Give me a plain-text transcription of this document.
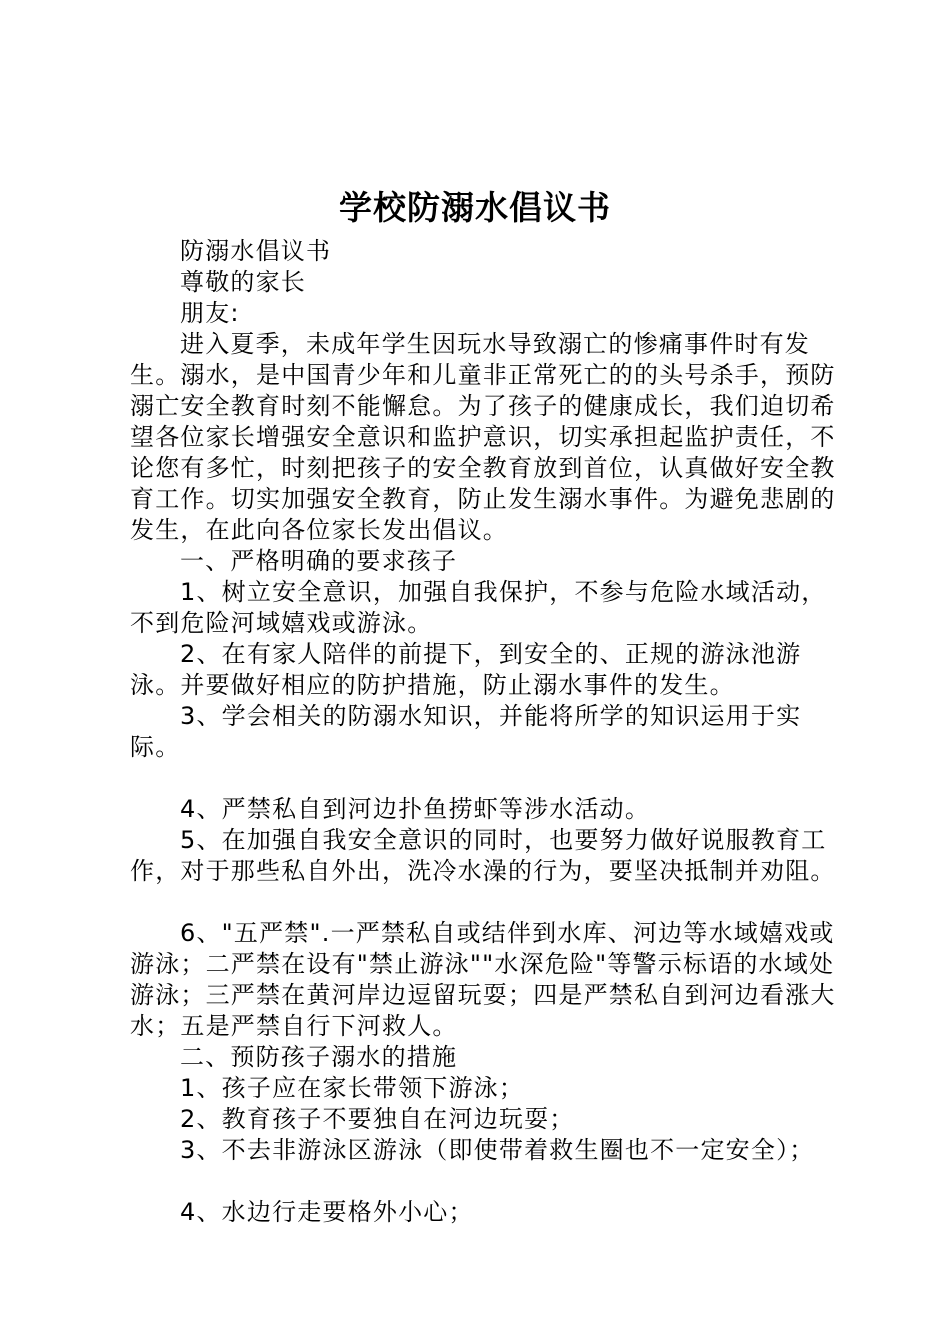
学校防溺水倡议书

防溺水倡议书

尊敬的家长

朋友:

进入夏季，未成年学生因玩水导致溺亡的惨痛事件时有发生。溺水，是中国青少年和儿童非正常死亡的的头号杀手，预防溺亡安全教育时刻不能懈怠。为了孩子的健康成长，我们迫切希望各位家长增强安全意识和监护意识，切实承担起监护责任，不论您有多忙，时刻把孩子的安全教育放到首位，认真做好安全教育工作。切实加强安全教育，防止发生溺水事件。为避免悲剧的发生，在此向各位家长发出倡议。

一、严格明确的要求孩子

1、树立安全意识，加强自我保护，不参与危险水域活动，不到危险河域嬉戏或游泳。

2、在有家人陪伴的前提下，到安全的、正规的游泳池游泳。并要做好相应的防护措施，防止溺水事件的发生。

3、学会相关的防溺水知识，并能将所学的知识运用于实际。

4、严禁私自到河边扑鱼捞虾等涉水活动。

5、在加强自我安全意识的同时，也要努力做好说服教育工作，对于那些私自外出，洗冷水澡的行为，要坚决抵制并劝阻。

6、"五严禁".一严禁私自或结伴到水库、河边等水域嬉戏或游泳；二严禁在设有"禁止游泳""水深危险"等警示标语的水域处游泳；三严禁在黄河岸边逗留玩耍；四是严禁私自到河边看涨大水；五是严禁自行下河救人。

二、预防孩子溺水的措施

1、孩子应在家长带领下游泳；

2、教育孩子不要独自在河边玩耍；

3、不去非游泳区游泳（即使带着救生圈也不一定安全）；

4、水边行走要格外小心；
